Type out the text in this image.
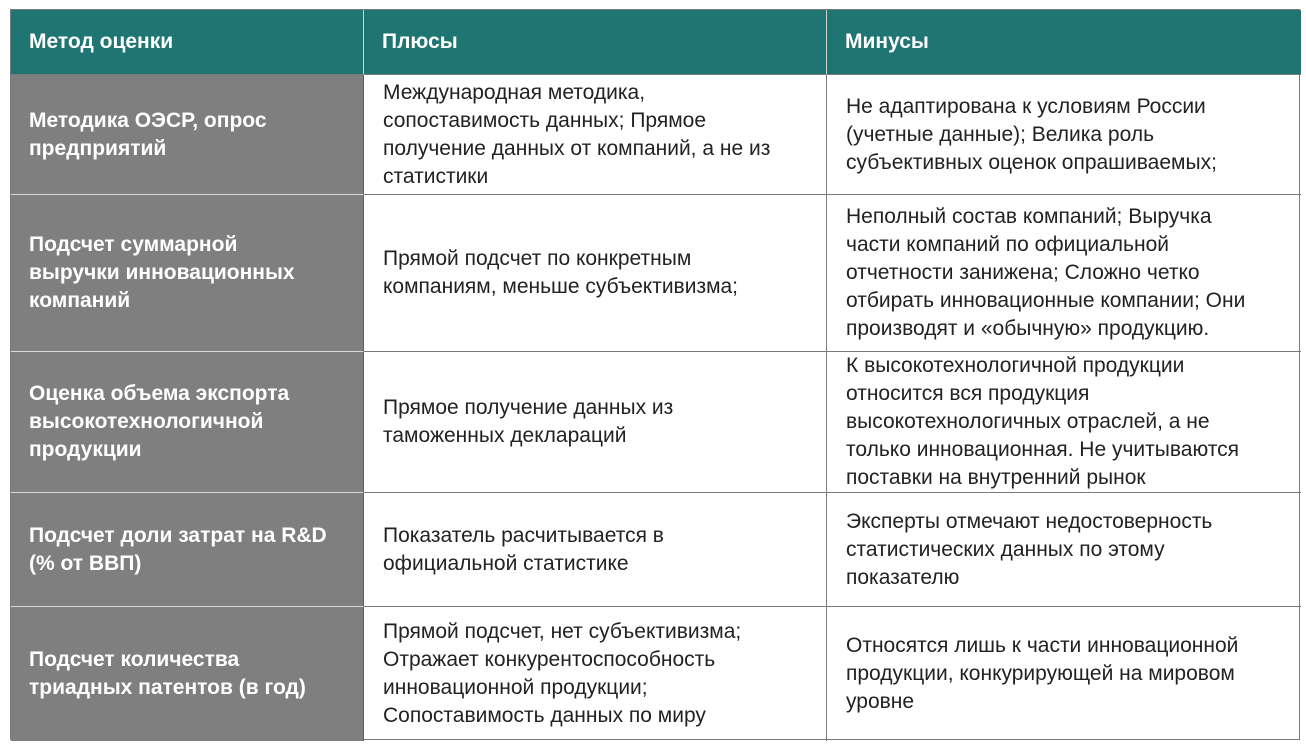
Метод оценки	Плюсы	Минусы
Методика ОЭСР, опрос
предприятий
Международная методика,
сопоставимость данных; Прямое
получение данных от компаний, а не из
статистики
Не адаптирована к условиям России
(учетные данные); Велика роль
субъективных оценок опрашиваемых;
Подсчет суммарной
выручки инновационных
компаний
Прямой подсчет по конкретным
компаниям, меньше субъективизма;
Неполный состав компаний; Выручка
части компаний по официальной
отчетности занижена; Сложно четко
отбирать инновационные компании; Они
производят и «обычную» продукцию.
Оценка объема экспорта
высокотехнологичной
продукции
Прямое получение данных из
таможенных деклараций
К высокотехнологичной продукции
относится вся продукция
высокотехнологичных отраслей, а не
только инновационная. Не учитываются
поставки на внутренний рынок
Подсчет доли затрат на R&D
(% от ВВП)
Показатель расчитывается в
официальной статистике
Эксперты отмечают недостоверность
статистических данных по этому
показателю
Подсчет количества
триадных патентов (в год)
Прямой подсчет, нет субъективизма;
Отражает конкурентоспособность
инновационной продукции;
Сопоставимость данных по миру
Относятся лишь к части инновационной
продукции, конкурирующей на мировом
уровне
